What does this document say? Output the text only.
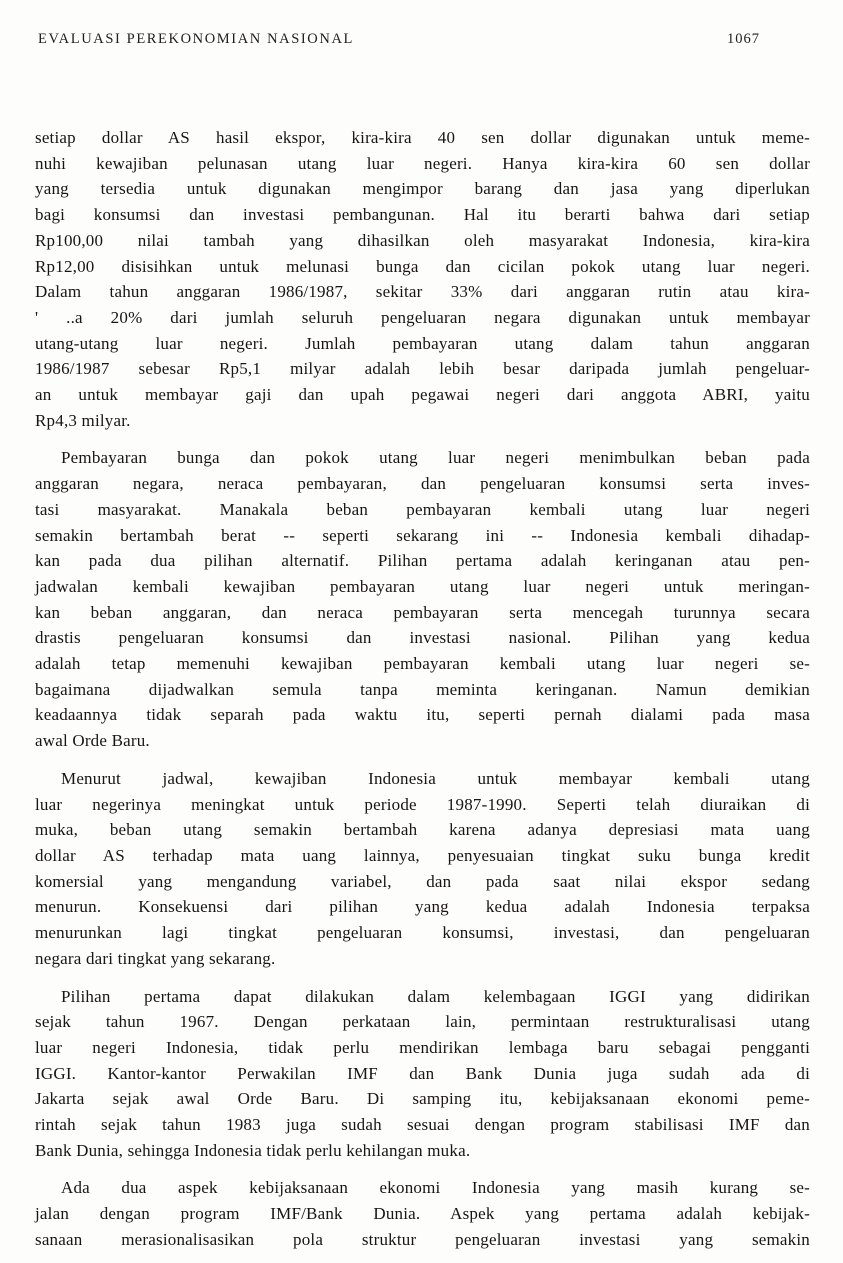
EVALUASI PEREKONOMIAN NASIONAL	1067
setiap dollar AS hasil ekspor, kira-kira 40 sen dollar digunakan untuk meme-
nuhi kewajiban pelunasan utang luar negeri. Hanya kira-kira 60 sen dollar
yang tersedia untuk digunakan mengimpor barang dan jasa yang diperlukan
bagi konsumsi dan investasi pembangunan. Hal itu berarti bahwa dari setiap
Rp100,00 nilai tambah yang dihasilkan oleh masyarakat Indonesia, kira-kira
Rp12,00 disisihkan untuk melunasi bunga dan cicilan pokok utang luar negeri.
Dalam tahun anggaran 1986/1987, sekitar 33% dari anggaran rutin atau kira-
' ..a 20% dari jumlah seluruh pengeluaran negara digunakan untuk membayar
utang-utang luar negeri. Jumlah pembayaran utang dalam tahun anggaran
1986/1987 sebesar Rp5,1 milyar adalah lebih besar daripada jumlah pengeluar-
an untuk membayar gaji dan upah pegawai negeri dari anggota ABRI, yaitu
Rp4,3 milyar.
Pembayaran bunga dan pokok utang luar negeri menimbulkan beban pada
anggaran negara, neraca pembayaran, dan pengeluaran konsumsi serta inves-
tasi masyarakat. Manakala beban pembayaran kembali utang luar negeri
semakin bertambah berat -- seperti sekarang ini -- Indonesia kembali dihadap-
kan pada dua pilihan alternatif. Pilihan pertama adalah keringanan atau pen-
jadwalan kembali kewajiban pembayaran utang luar negeri untuk meringan-
kan beban anggaran, dan neraca pembayaran serta mencegah turunnya secara
drastis pengeluaran konsumsi dan investasi nasional. Pilihan yang kedua
adalah tetap memenuhi kewajiban pembayaran kembali utang luar negeri se-
bagaimana dijadwalkan semula tanpa meminta keringanan. Namun demikian
keadaannya tidak separah pada waktu itu, seperti pernah dialami pada masa
awal Orde Baru.
Menurut jadwal, kewajiban Indonesia untuk membayar kembali utang
luar negerinya meningkat untuk periode 1987-1990. Seperti telah diuraikan di
muka, beban utang semakin bertambah karena adanya depresiasi mata uang
dollar AS terhadap mata uang lainnya, penyesuaian tingkat suku bunga kredit
komersial yang mengandung variabel, dan pada saat nilai ekspor sedang
menurun. Konsekuensi dari pilihan yang kedua adalah Indonesia terpaksa
menurunkan lagi tingkat pengeluaran konsumsi, investasi, dan pengeluaran
negara dari tingkat yang sekarang.
Pilihan pertama dapat dilakukan dalam kelembagaan IGGI yang didirikan
sejak tahun 1967. Dengan perkataan lain, permintaan restrukturalisasi utang
luar negeri Indonesia, tidak perlu mendirikan lembaga baru sebagai pengganti
IGGI. Kantor-kantor Perwakilan IMF dan Bank Dunia juga sudah ada di
Jakarta sejak awal Orde Baru. Di samping itu, kebijaksanaan ekonomi peme-
rintah sejak tahun 1983 juga sudah sesuai dengan program stabilisasi IMF dan
Bank Dunia, sehingga Indonesia tidak perlu kehilangan muka.
Ada dua aspek kebijaksanaan ekonomi Indonesia yang masih kurang se-
jalan dengan program IMF/Bank Dunia. Aspek yang pertama adalah kebijak-
sanaan merasionalisasikan pola struktur pengeluaran investasi yang semakin
